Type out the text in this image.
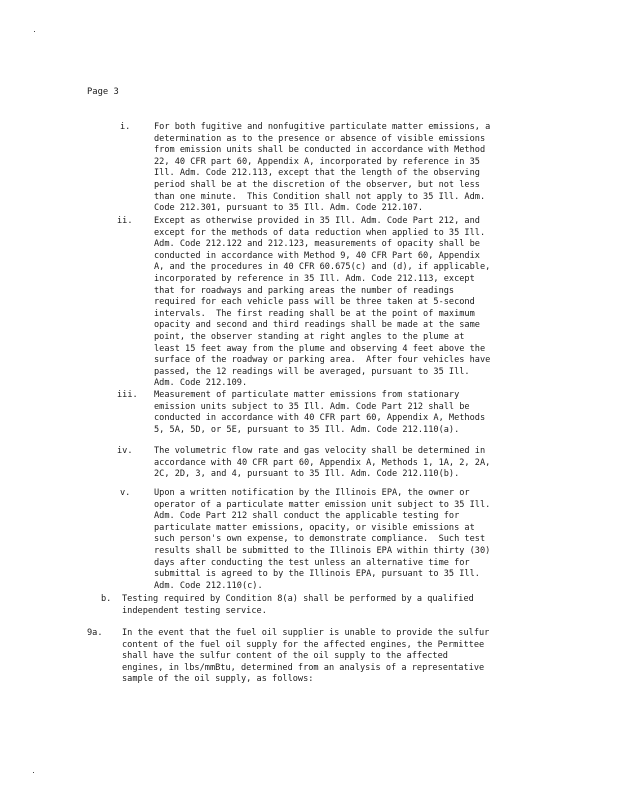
Page 3
i.	For both fugitive and nonfugitive particulate matter emissions, a
determination as to the presence or absence of visible emissions
from emission units shall be conducted in accordance with Method
22, 40 CFR part 60, Appendix A, incorporated by reference in 35
Ill. Adm. Code 212.113, except that the length of the observing
period shall be at the discretion of the observer, but not less
than one minute.  This Condition shall not apply to 35 Ill. Adm.
Code 212.301, pursuant to 35 Ill. Adm. Code 212.107.
ii. Except as otherwise provided in 35 Ill. Adm. Code Part 212, and
except for the methods of data reduction when applied to 35 Ill.
Adm. Code 212.122 and 212.123, measurements of opacity shall be
conducted in accordance with Method 9, 40 CFR Part 60, Appendix
A, and the procedures in 40 CFR 60.675(c) and (d), if applicable,
incorporated by reference in 35 Ill. Adm. Code 212.113, except
that for roadways and parking areas the number of readings
required for each vehicle pass will be three taken at 5-second
intervals.  The first reading shall be at the point of maximum
opacity and second and third readings shall be made at the same
point, the observer standing at right angles to the plume at
least 15 feet away from the plume and observing 4 feet above the
surface of the roadway or parking area.  After four vehicles have
passed, the 12 readings will be averaged, pursuant to 35 Ill.
Adm. Code 212.109.
iii. Measurement of particulate matter emissions from stationary
emission units subject to 35 Ill. Adm. Code Part 212 shall be
conducted in accordance with 40 CFR part 60, Appendix A, Methods
5, 5A, 5D, or 5E, pursuant to 35 Ill. Adm. Code 212.110(a).
iv. The volumetric flow rate and gas velocity shall be determined in
accordance with 40 CFR part 60, Appendix A, Methods 1, 1A, 2, 2A,
2C, 2D, 3, and 4, pursuant to 35 Ill. Adm. Code 212.110(b).
v.	Upon a written notification by the Illinois EPA, the owner or
operator of a particulate matter emission unit subject to 35 Ill.
Adm. Code Part 212 shall conduct the applicable testing for
particulate matter emissions, opacity, or visible emissions at
such person's own expense, to demonstrate compliance.  Such test
results shall be submitted to the Illinois EPA within thirty (30)
days after conducting the test unless an alternative time for
submittal is agreed to by the Illinois EPA, pursuant to 35 Ill.
Adm. Code 212.110(c).
b. Testing required by Condition 8(a) shall be performed by a qualified
independent testing service.
9a. In the event that the fuel oil supplier is unable to provide the sulfur
content of the fuel oil supply for the affected engines, the Permittee
shall have the sulfur content of the oil supply to the affected
engines, in lbs/mmBtu, determined from an analysis of a representative
sample of the oil supply, as follows:
